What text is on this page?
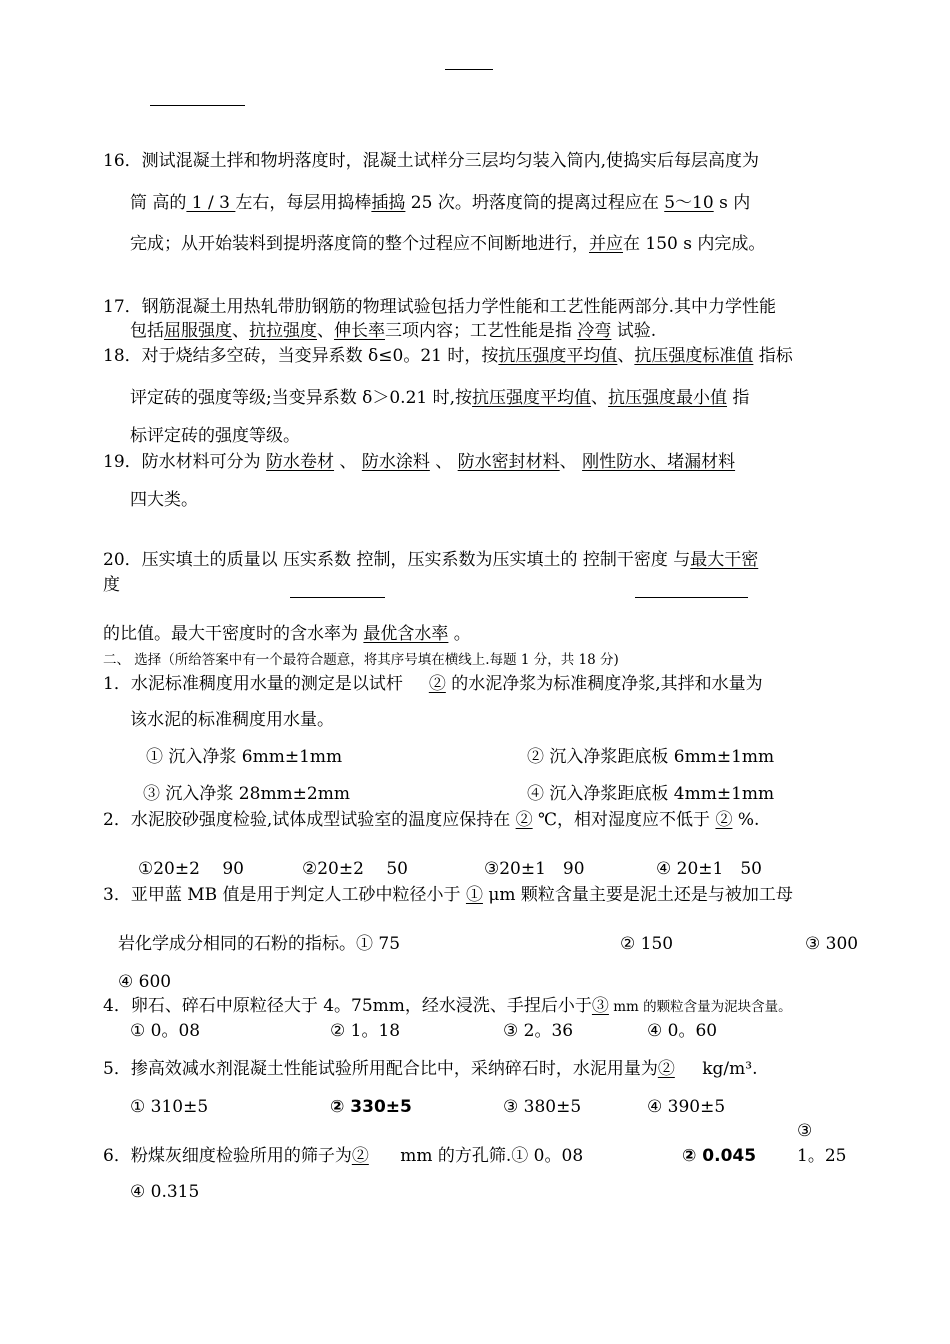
16．测试混凝土拌和物坍落度时，混凝土试样分三层均匀装入筒内,使捣实后每层高度为
筒 高的 1 / 3 左右，每层用捣棒插捣 25 次。坍落度筒的提离过程应在 5～10 s 内
完成；从开始装料到提坍落度筒的整个过程应不间断地进行，并应在 150 s 内完成。
17．钢筋混凝土用热轧带肋钢筋的物理试验包括力学性能和工艺性能两部分.其中力学性能
包括屈服强度、抗拉强度、伸长率三项内容；工艺性能是指 冷弯 试验.
18．对于烧结多空砖，当变异系数 δ≤0。21 时，按抗压强度平均值、抗压强度标准值 指标
评定砖的强度等级;当变异系数 δ＞0.21 时,按抗压强度平均值、抗压强度最小值 指
标评定砖的强度等级。
19．防水材料可分为 防水卷材 、 防水涂料 、 防水密封材料、 刚性防水、堵漏材料
四大类。
20．压实填土的质量以 压实系数 控制，压实系数为压实填土的 控制干密度 与最大干密
度
的比值。最大干密度时的含水率为 最优含水率 。
二、 选择（所给答案中有一个最符合题意，将其序号填在横线上.每题 1 分，共 18 分)
1．水泥标准稠度用水量的测定是以试杆 ② 的水泥净浆为标准稠度净浆,其拌和水量为
该水泥的标准稠度用水量。
① 沉入净浆 6mm±1mm	② 沉入净浆距底板 6mm±1mm
③ 沉入净浆 28mm±2mm	④ 沉入净浆距底板 4mm±1mm
2．水泥胶砂强度检验,试体成型试验室的温度应保持在 ② ℃，相对湿度应不低于 ② %.
①20±2　 90	②20±2　 50	③20±1　90	④ 20±1　50
3．亚甲蓝 MB 值是用于判定人工砂中粒径小于 ① μm 颗粒含量主要是泥土还是与被加工母
岩化学成分相同的石粉的指标。① 75	② 150	③ 300
④ 600
4．卵石、碎石中原粒径大于 4。75mm，经水浸洗、手捏后小于③ mm 的颗粒含量为泥块含量。
① 0。08	② 1。18	③ 2。36	④ 0。60
5．掺高效减水剂混凝土性能试验所用配合比中，采纳碎石时，水泥用量为② kg/m³.
① 310±5	② 330±5	③ 380±5	④ 390±5
③
6．粉煤灰细度检验所用的筛子为② mm 的方孔筛.① 0。08	② 0.045 1。25
④ 0.315
